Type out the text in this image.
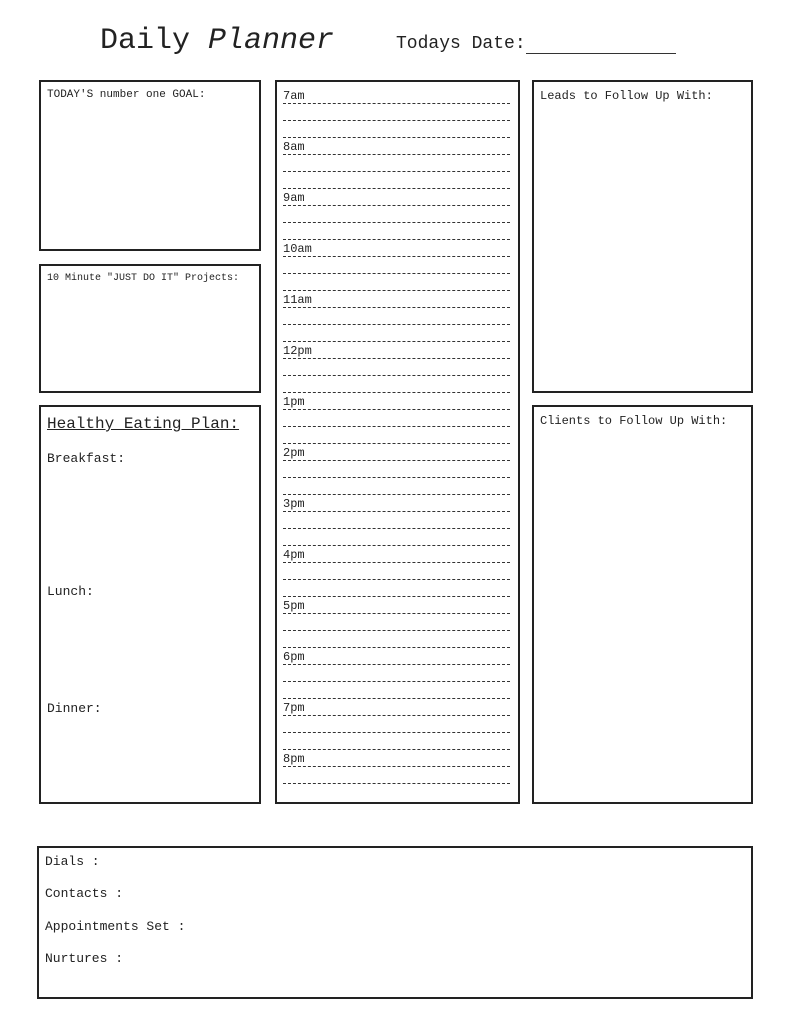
Daily Planner	Todays Date:
TODAY'S number one GOAL:
10 Minute "JUST DO IT" Projects:
Healthy Eating Plan:
Breakfast:
Lunch:
Dinner:
7am
8am
9am
10am
11am
12pm
1pm
2pm
3pm
4pm
5pm
6pm
7pm
8pm
Leads to Follow Up With:
Clients to Follow Up With:
Dials :
Contacts :
Appointments Set :
Nurtures :
